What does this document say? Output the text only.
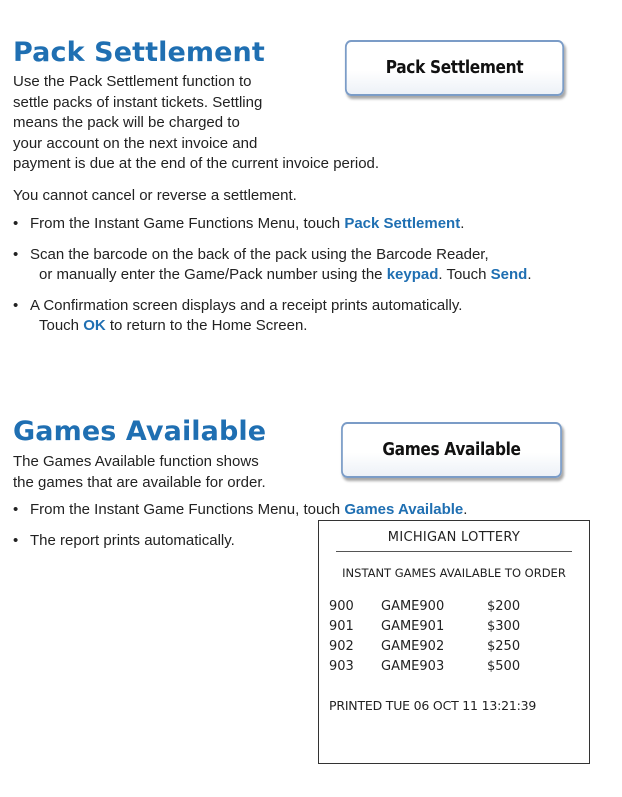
Pack Settlement	Pack Settlement
Use the Pack Settlement function to
settle packs of instant tickets. Settling
means the pack will be charged to
your account on the next invoice and
payment is due at the end of the current invoice period.
You cannot cancel or reverse a settlement.
• From the Instant Game Functions Menu, touch Pack Settlement.
• Scan the barcode on the back of the pack using the Barcode Reader,
or manually enter the Game/Pack number using the keypad. Touch Send.
• A Confirmation screen displays and a receipt prints automatically.
Touch OK to return to the Home Screen.
Games Available
Games Available
The Games Available function shows
the games that are available for order.
• From the Instant Game Functions Menu, touch Games Available.
• The report prints automatically.	MICHIGAN LOTTERY
INSTANT GAMES AVAILABLE TO ORDER
900 GAME900	$200
901 GAME901	$300
902 GAME902	$250
903 GAME903	$500
PRINTED TUE 06 OCT 11 13:21:39
